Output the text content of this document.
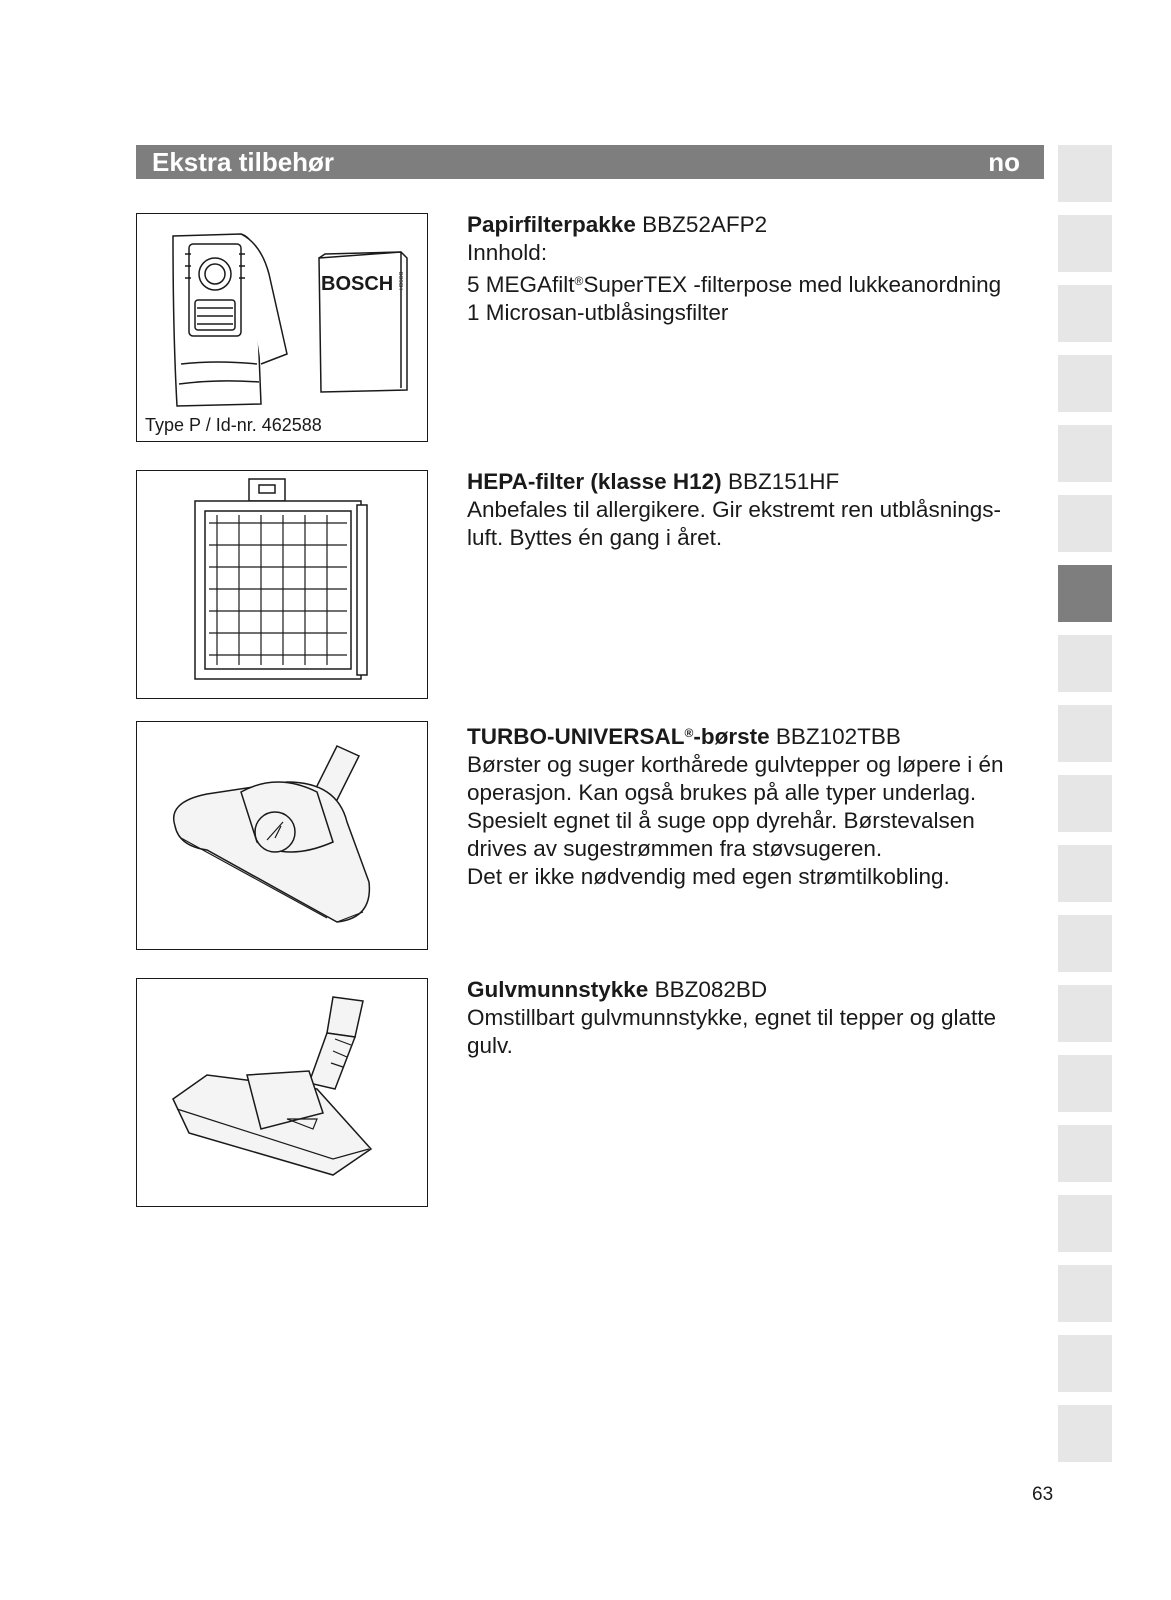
Ekstra tilbehør	no
BOSCH BOSCH
Type P / Id-nr. 462588

Papirfilterpakke BBZ52AFP2

Innhold:

5 MEGAfilt®SuperTEX -filterpose med lukkeanordning

1 Microsan-utblåsingsfilter

HEPA-filter (klasse H12) BBZ151HF

Anbefales til allergikere. Gir ekstremt ren utblåsnings-

luft. Byttes én gang i året.

TURBO-UNIVERSAL®-børste BBZ102TBB

Børster og suger korthårede gulvtepper og løpere i én

operasjon. Kan også brukes på alle typer underlag.

Spesielt egnet til å suge opp dyrehår. Børstevalsen

drives av sugestrømmen fra støvsugeren.

Det er ikke nødvendig med egen strømtilkobling.

Gulvmunnstykke BBZ082BD

Omstillbart gulvmunnstykke, egnet til tepper og glatte

gulv.

63
